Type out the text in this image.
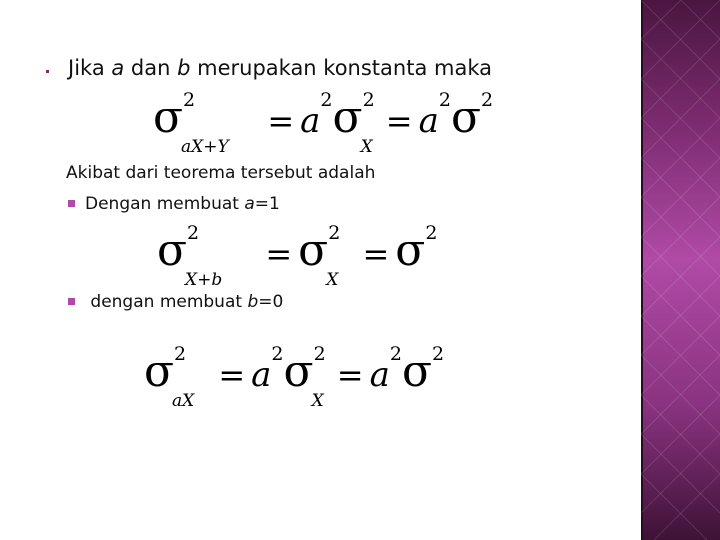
Jika a dan b merupakan konstanta maka
σ2
aX+Y
= a2σ2
X
= a2σ2
Akibat dari teorema tersebut adalah
Dengan membuat a=1
σ2
X+b
= σ2
X
= σ2
dengan membuat b=0
σ2
aX
= a2σ2
X
= a2σ2
